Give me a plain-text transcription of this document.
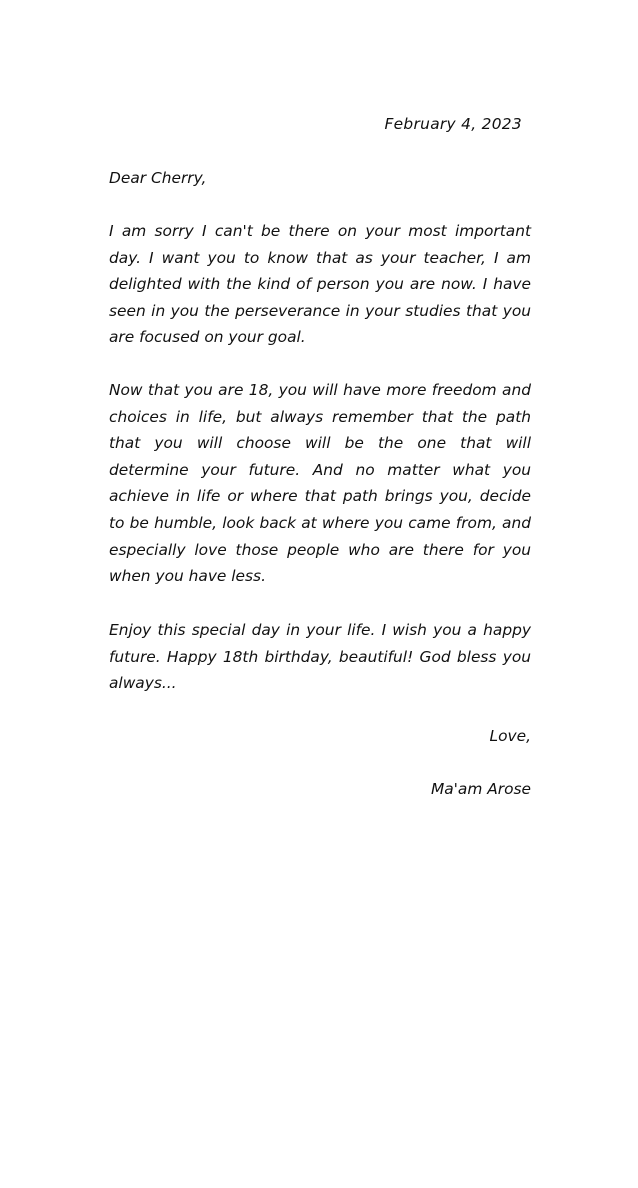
February 4, 2023
Dear Cherry,

I am sorry I can't be there on your most important day. I want you to know that as your teacher, I am delighted with the kind of person you are now. I have seen in you the perseverance in your studies that you are focused on your goal.

Now that you are 18, you will have more freedom and choices in life, but always remember that the path that you will choose will be the one that will determine your future. And no matter what you achieve in life or where that path brings you, decide to be humble, look back at where you came from, and especially love those people who are there for you when you have less.

Enjoy this special day in your life. I wish you a happy future. Happy 18th birthday, beautiful! God bless you always...

Love,
Ma'am Arose
